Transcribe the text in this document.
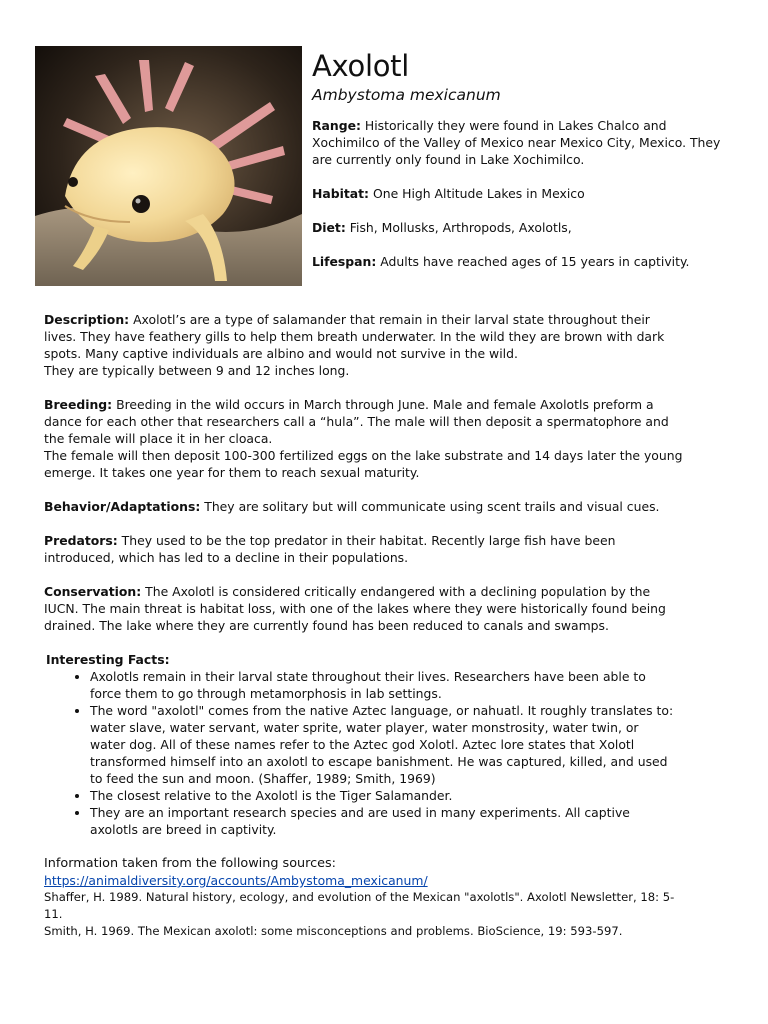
Axolotl
Ambystoma mexicanum

Range: Historically they were found in Lakes Chalco and Xochimilco of the Valley of Mexico near Mexico City, Mexico. They are currently only found in Lake Xochimilco.

Habitat: One High Altitude Lakes in Mexico

Diet: Fish, Mollusks, Arthropods, Axolotls,

Lifespan: Adults have reached ages of 15 years in captivity.

Description: Axolotl’s are a type of salamander that remain in their larval state throughout their lives. They have feathery gills to help them breath underwater. In the wild they are brown with dark spots. Many captive individuals are albino and would not survive in the wild.
They are typically between 9 and 12 inches long.

Breeding: Breeding in the wild occurs in March through June. Male and female Axolotls preform a dance for each other that researchers call a “hula”. The male will then deposit a spermatophore and the female will place it in her cloaca.
The female will then deposit 100-300 fertilized eggs on the lake substrate and 14 days later the young emerge. It takes one year for them to reach sexual maturity.

Behavior/Adaptations: They are solitary but will communicate using scent trails and visual cues.

Predators: They used to be the top predator in their habitat. Recently large fish have been introduced, which has led to a decline in their populations.

Conservation: The Axolotl is considered critically endangered with a declining population by the IUCN. The main threat is habitat loss, with one of the lakes where they were historically found being drained. The lake where they are currently found has been reduced to canals and swamps.

Interesting Facts:
• Axolotls remain in their larval state throughout their lives. Researchers have been able to force them to go through metamorphosis in lab settings.
• The word "axolotl" comes from the native Aztec language, or nahuatl. It roughly translates to: water slave, water servant, water sprite, water player, water monstrosity, water twin, or water dog. All of these names refer to the Aztec god Xolotl. Aztec lore states that Xolotl transformed himself into an axolotl to escape banishment. He was captured, killed, and used to feed the sun and moon. (Shaffer, 1989; Smith, 1969)
• The closest relative to the Axolotl is the Tiger Salamander.
• They are an important research species and are used in many experiments. All captive axolotls are breed in captivity.

Information taken from the following sources:

https://animaldiversity.org/accounts/Ambystoma_mexicanum/

Shaffer, H. 1989. Natural history, ecology, and evolution of the Mexican "axolotls". Axolotl Newsletter, 18: 5-11.

Smith, H. 1969. The Mexican axolotl: some misconceptions and problems. BioScience, 19: 593-597.
